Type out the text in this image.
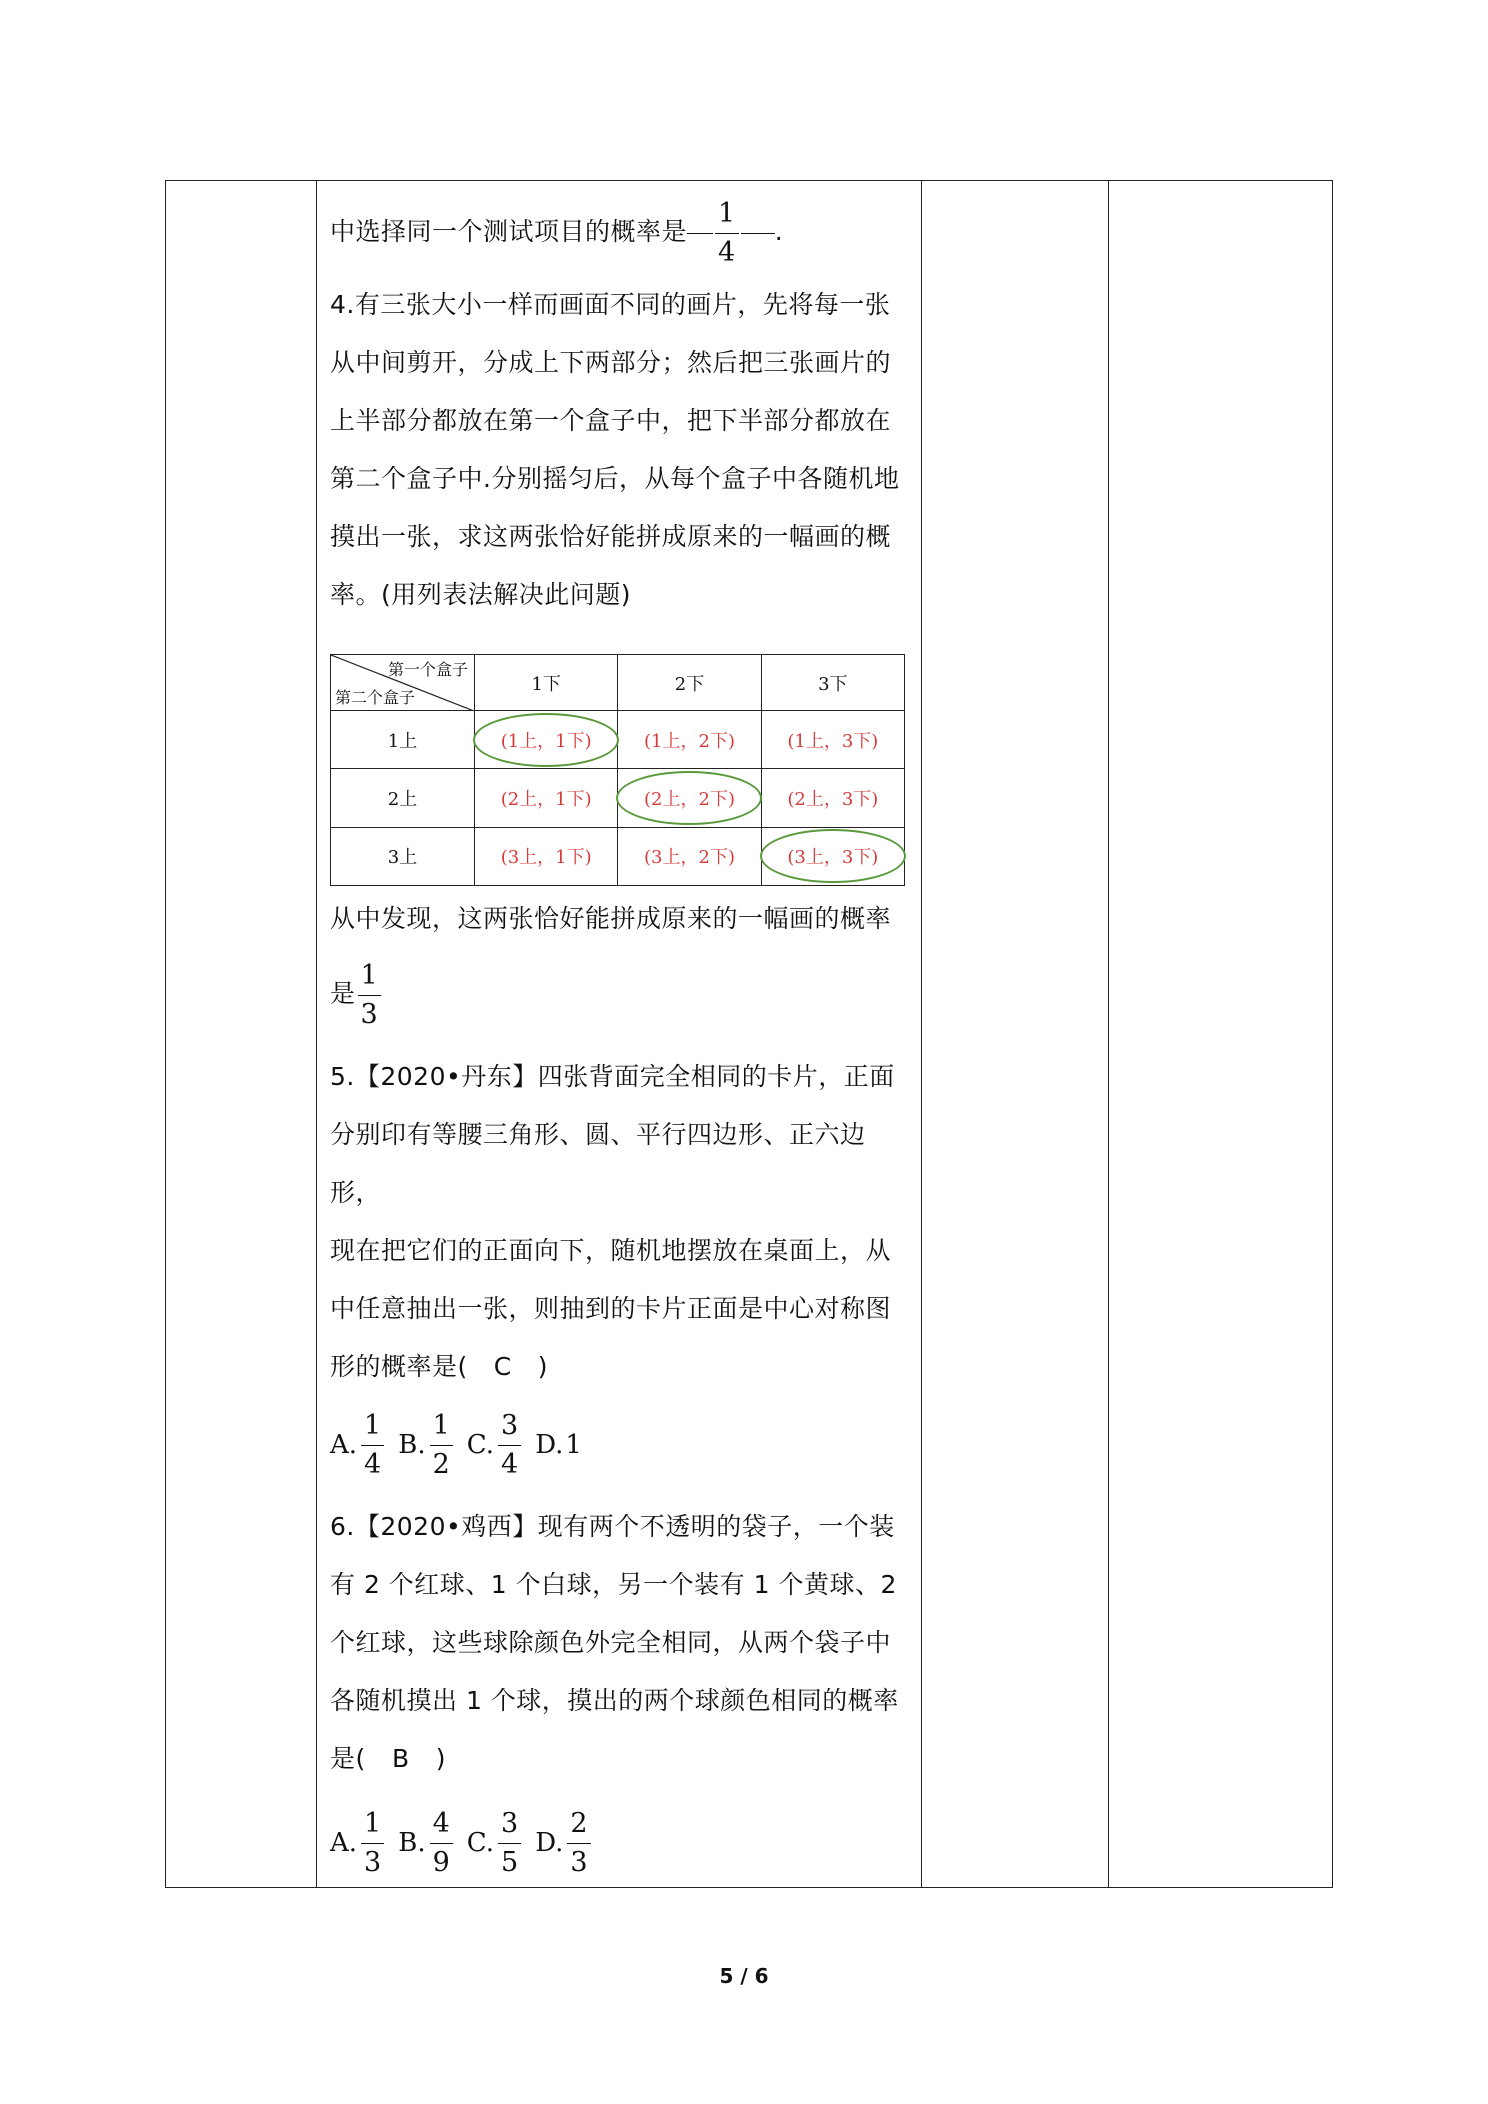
中选择同一个测试项目的概率是 $\frac{1}{4}$ .

4.有三张大小一样而画面不同的画片，先将每一张

从中间剪开，分成上下两部分；然后把三张画片的

上半部分都放在第一个盒子中，把下半部分都放在

第二个盒子中.分别摇匀后，从每个盒子中各随机地

摸出一张，求这两张恰好能拼成原来的一幅画的概

率。(用列表法解决此问题)

第一个盒子
第二个盒子	1下	2下	3下
1上	(1上，1下)	(1上，2下)	(1上，3下)
2上	(2上，1下)	(2上，2下)	(2上，3下)
3上	(3上，1下)	(3上，2下)	(3上，3下)

从中发现，这两张恰好能拼成原来的一幅画的概率

是 $\frac{1}{3}$

5.【2020•丹东】四张背面完全相同的卡片，正面

分别印有等腰三角形、圆、平行四边形、正六边形，

现在把它们的正面向下，随机地摆放在桌面上，从

中任意抽出一张，则抽到的卡片正面是中心对称图

形的概率是( C )

A. $\frac{1}{4} B$. $\frac{1}{2} C$. $\frac{3}{4} D$. 1

6.【2020•鸡西】现有两个不透明的袋子，一个装

有 2 个红球、1 个白球，另一个装有 1 个黄球、2

个红球，这些球除颜色外完全相同，从两个袋子中

各随机摸出 1 个球，摸出的两个球颜色相同的概率

是( B )

A. $\frac{1}{3} B$. $\frac{4}{9} C$. $\frac{3}{5} D$. $\frac{2}{3}$
5 / 6
